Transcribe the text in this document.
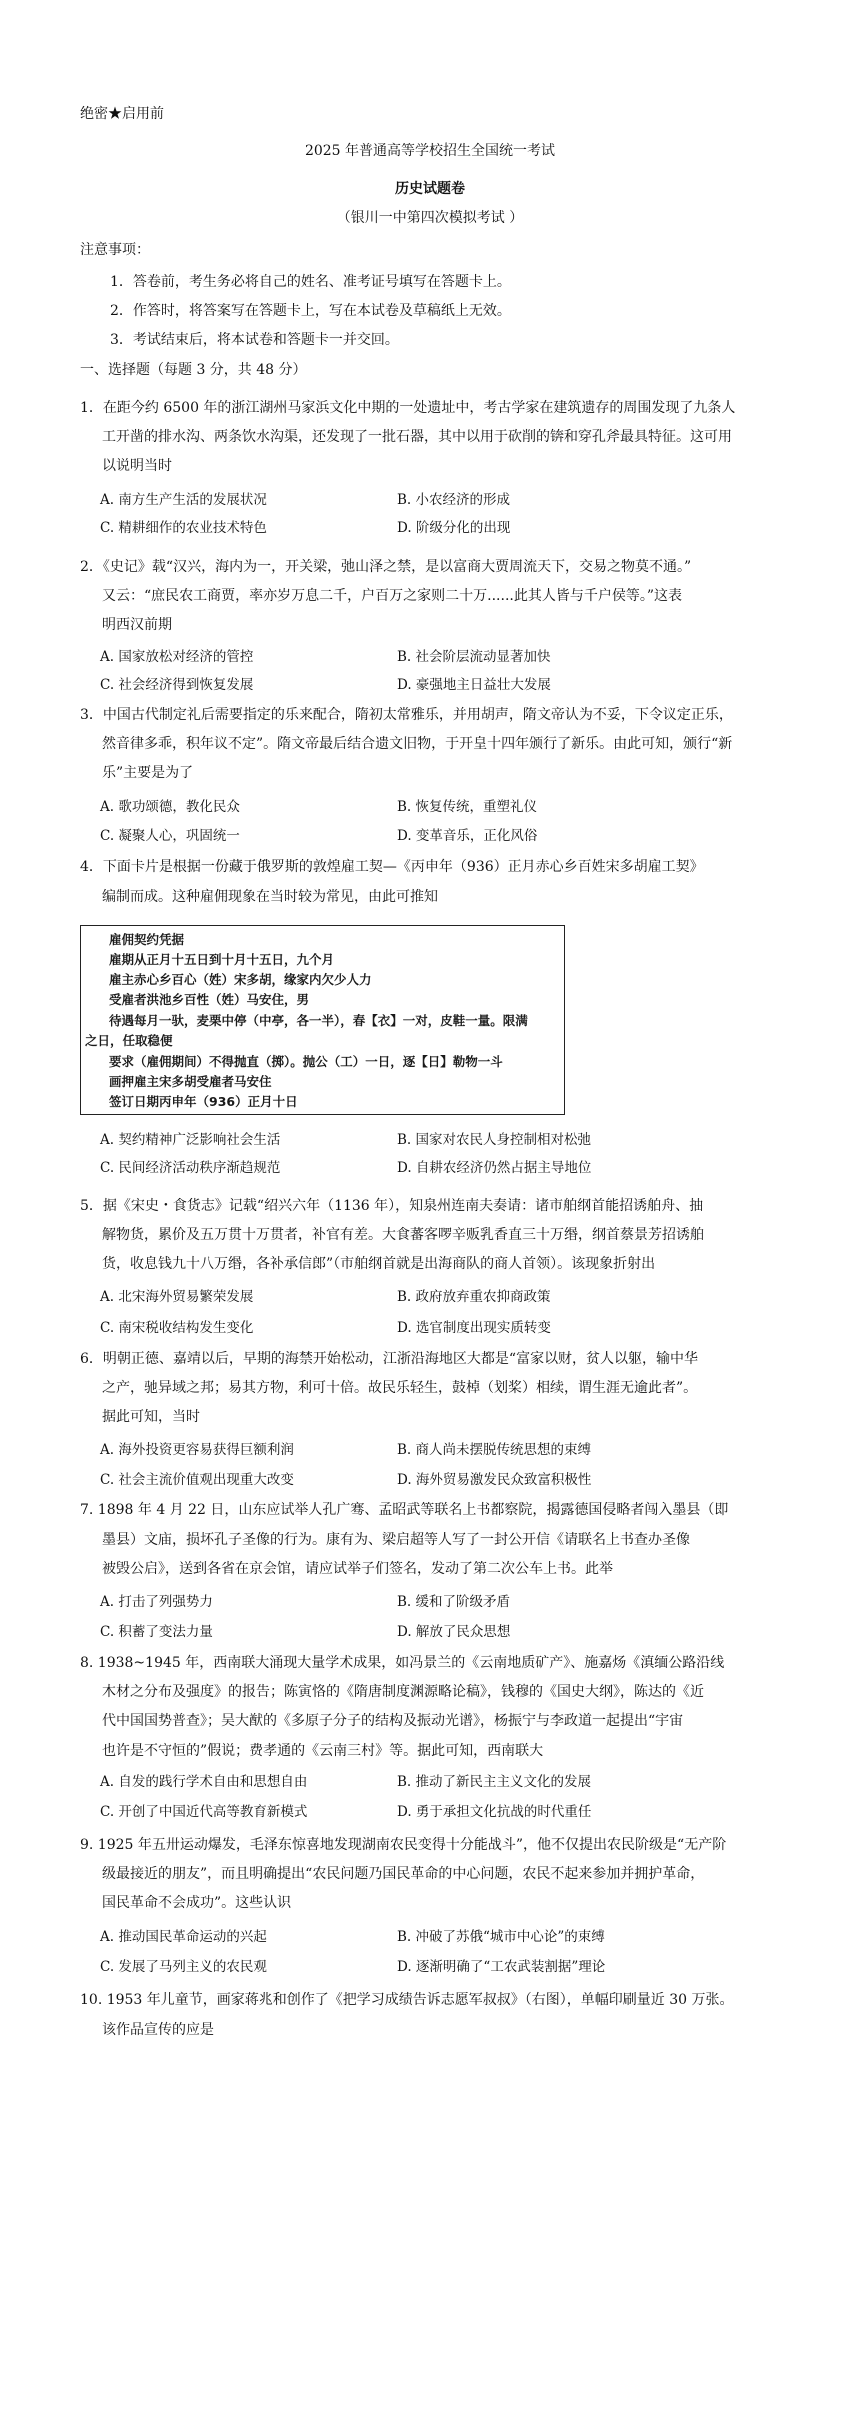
绝密★启用前
2025 年普通高等学校招生全国统一考试
历史试题卷
（银川一中第四次模拟考试 ）
注意事项：
1．答卷前，考生务必将自己的姓名、准考证号填写在答题卡上。
2．作答时，将答案写在答题卡上，写在本试卷及草稿纸上无效。
3．考试结束后，将本试卷和答题卡一并交回。
一、选择题（每题 3 分，共 48 分）
1．在距今约 6500 年的浙江湖州马家浜文化中期的一处遗址中，考古学家在建筑遗存的周围发现了九条人
工开凿的排水沟、两条饮水沟渠，还发现了一批石器，其中以用于砍削的锛和穿孔斧最具特征。这可用
以说明当时
A. 南方生产生活的发展状况	B. 小农经济的形成
C. 精耕细作的农业技术特色	D. 阶级分化的出现
2．《史记》载“汉兴，海内为一，开关梁，弛山泽之禁，是以富商大贾周流天下，交易之物莫不通。”
又云：“庶民农工商贾，率亦岁万息二千，户百万之家则二十万......此其人皆与千户侯等。”这表
明西汉前期
A. 国家放松对经济的管控	B. 社会阶层流动显著加快
C. 社会经济得到恢复发展	D. 豪强地主日益壮大发展
3．中国古代制定礼后需要指定的乐来配合，隋初太常雅乐，并用胡声，隋文帝认为不妥，下令议定正乐，
然音律多乖，积年议不定”。隋文帝最后结合遗文旧物，于开皇十四年颁行了新乐。由此可知，颁行“新
乐”主要是为了
A. 歌功颂德，教化民众	B. 恢复传统，重塑礼仪
C. 凝聚人心，巩固统一	D. 变革音乐，正化风俗
4．下面卡片是根据一份藏于俄罗斯的敦煌雇工契—《丙申年（936）正月赤心乡百姓宋多胡雇工契》
编制而成。这种雇佣现象在当时较为常见，由此可推知
雇佣契约凭据
雇期从正月十五日到十月十五日，九个月
雇主赤心乡百心（姓）宋多胡，缘家内欠少人力
受雇者洪池乡百性（姓）马安住，男
待遇每月一驮，麦栗中停（中亭，各一半），春【衣】一对，皮鞋一量。限满
之日，任取稳便
要求（雇佣期间）不得抛直（掷）。抛公（工）一日，逐【日】勒物一斗
画押雇主宋多胡受雇者马安住
签订日期丙申年（936）正月十日
A. 契约精神广泛影响社会生活	B. 国家对农民人身控制相对松弛
C. 民间经济活动秩序渐趋规范	D. 自耕农经济仍然占据主导地位
5．据《宋史・食货志》记载“绍兴六年（1136 年），知泉州连南夫奏请：诸市舶纲首能招诱舶舟、抽
解物货，累价及五万贯十万贯者，补官有差。大食蕃客啰辛贩乳香直三十万缗，纲首蔡景芳招诱舶
货，收息钱九十八万缗，各补承信郎”（市舶纲首就是出海商队的商人首领）。该现象折射出
A. 北宋海外贸易繁荣发展	B. 政府放弃重农抑商政策
C. 南宋税收结构发生变化	D. 选官制度出现实质转变
6．明朝正德、嘉靖以后，早期的海禁开始松动，江浙沿海地区大都是“富家以财，贫人以躯，输中华
之产，驰异域之邦；易其方物，利可十倍。故民乐轻生，鼓棹（划桨）相续，谓生涯无逾此者”。
据此可知，当时
A. 海外投资更容易获得巨额利润	B. 商人尚未摆脱传统思想的束缚
C. 社会主流价值观出现重大改变	D. 海外贸易激发民众致富积极性
7. 1898 年 4 月 22 日，山东应试举人孔广骞、孟昭武等联名上书都察院，揭露德国侵略者闯入墨县（即
墨县）文庙，损坏孔子圣像的行为。康有为、梁启超等人写了一封公开信《请联名上书查办圣像
被毁公启》，送到各省在京会馆，请应试举子们签名，发动了第二次公车上书。此举
A. 打击了列强势力	B. 缓和了阶级矛盾
C. 积蓄了变法力量	D. 解放了民众思想
8. 1938~1945 年，西南联大涌现大量学术成果，如冯景兰的《云南地质矿产》、施嘉炀《滇缅公路沿线
木材之分布及强度》的报告；陈寅恪的《隋唐制度渊源略论稿》，钱穆的《国史大纲》，陈达的《近
代中国国势普查》；吴大猷的《多原子分子的结构及振动光谱》，杨振宁与李政道一起提出“宇宙
也许是不守恒的”假说；费孝通的《云南三村》等。据此可知，西南联大
A. 自发的践行学术自由和思想自由	B. 推动了新民主主义文化的发展
C. 开创了中国近代高等教育新模式	D. 勇于承担文化抗战的时代重任
9. 1925 年五卅运动爆发，毛泽东惊喜地发现湖南农民变得十分能战斗”，他不仅提出农民阶级是“无产阶
级最接近的朋友”，而且明确提出“农民问题乃国民革命的中心问题，农民不起来参加并拥护革命，
国民革命不会成功”。这些认识
A. 推动国民革命运动的兴起	B. 冲破了苏俄“城市中心论”的束缚
C. 发展了马列主义的农民观	D. 逐渐明确了“工农武装割据”理论
10. 1953 年儿童节，画家蒋兆和创作了《把学习成绩告诉志愿军叔叔》（右图），单幅印刷量近 30 万张。
该作品宣传的应是
